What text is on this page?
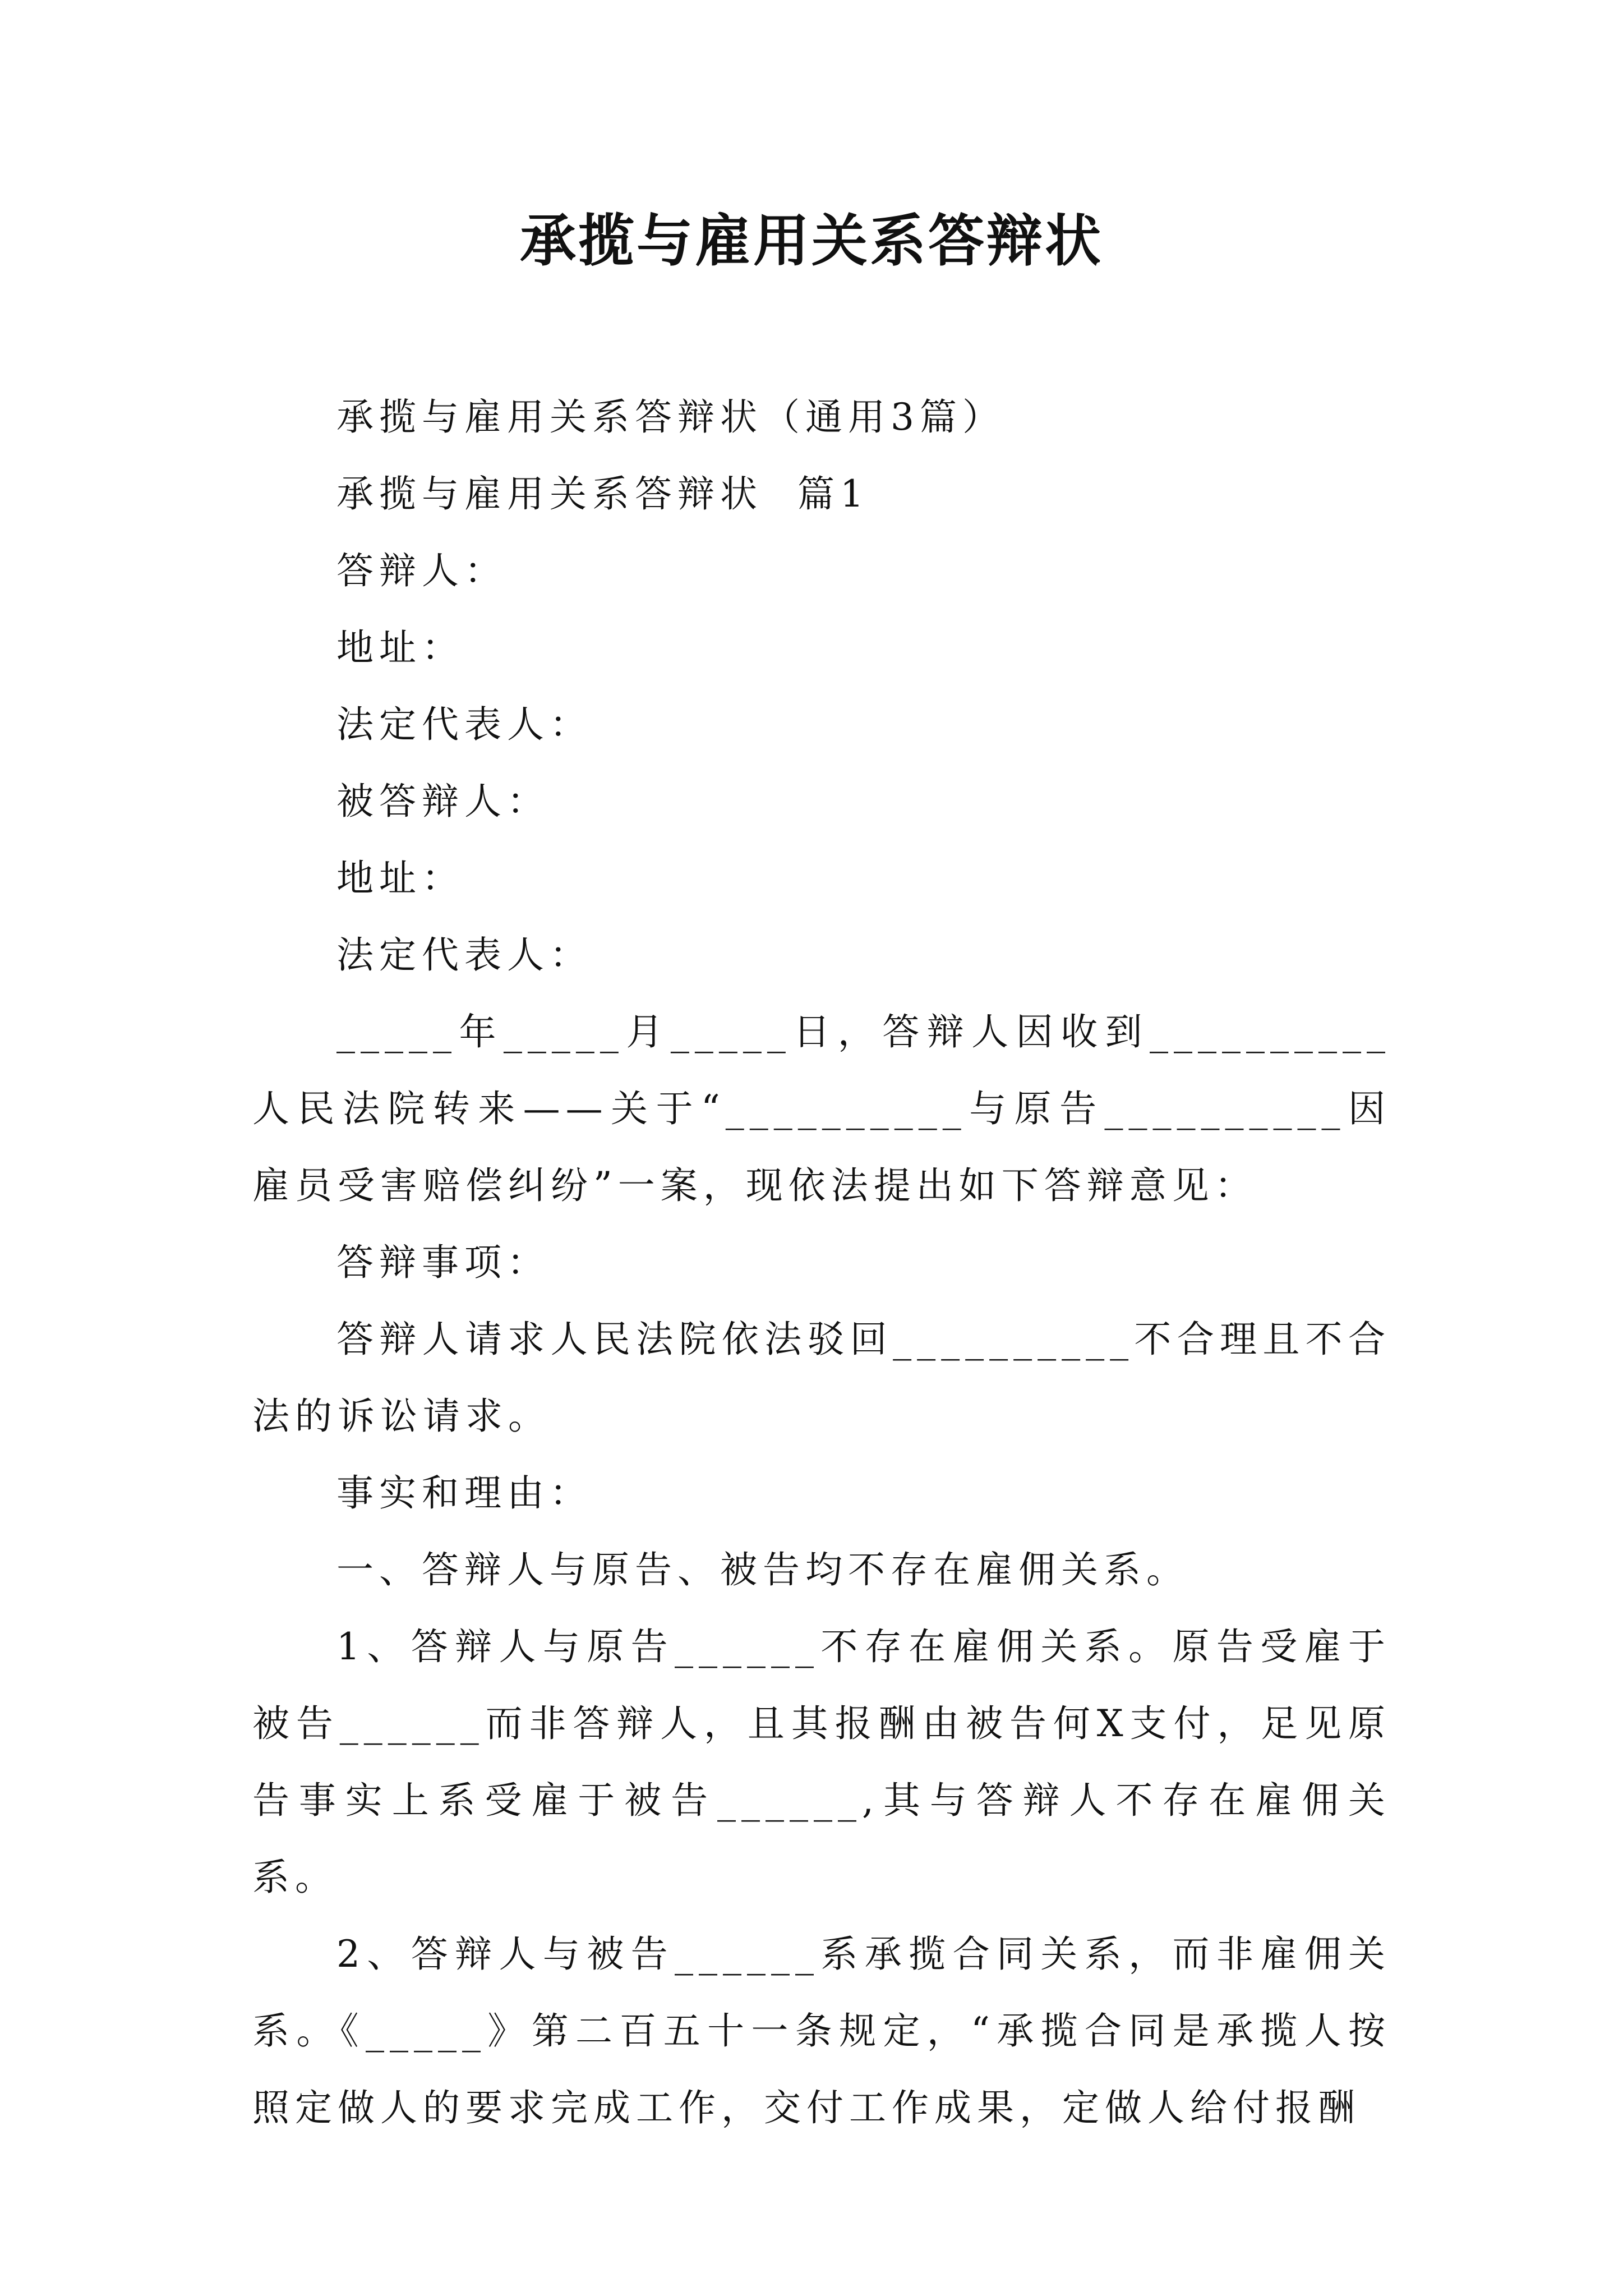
承揽与雇用关系答辩状

承揽与雇用关系答辩状（通用3篇）

承揽与雇用关系答辩状  篇1

答辩人：

地址：

法定代表人：

被答辩人：

地址：

法定代表人：

_____年_____月_____日，答辩人因收到__________人民法院转来——关于“__________与原告__________因雇员受害赔偿纠纷”一案，现依法提出如下答辩意见：

答辩事项：

答辩人请求人民法院依法驳回__________不合理且不合法的诉讼请求。

事实和理由：

一、答辩人与原告、被告均不存在雇佣关系。

1、答辩人与原告______不存在雇佣关系。原告受雇于被告______而非答辩人，且其报酬由被告何X支付，足见原告事实上系受雇于被告______,其与答辩人不存在雇佣关系。

2、答辩人与被告______系承揽合同关系，而非雇佣关系。《_____》第二百五十一条规定，“承揽合同是承揽人按照定做人的要求完成工作，交付工作成果，定做人给付报酬
